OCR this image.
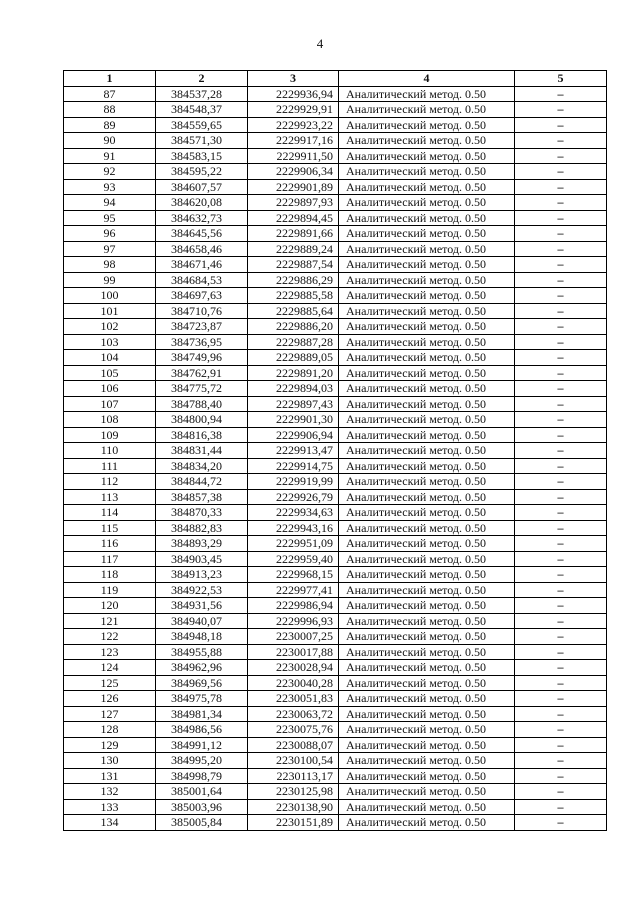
4
1	2	3	4	5
87	384537,28	2229936,94	Аналитический метод. 0.50	–
88	384548,37	2229929,91	Аналитический метод. 0.50	–
89	384559,65	2229923,22	Аналитический метод. 0.50	–
90	384571,30	2229917,16	Аналитический метод. 0.50	–
91	384583,15	2229911,50	Аналитический метод. 0.50	–
92	384595,22	2229906,34	Аналитический метод. 0.50	–
93	384607,57	2229901,89	Аналитический метод. 0.50	–
94	384620,08	2229897,93	Аналитический метод. 0.50	–
95	384632,73	2229894,45	Аналитический метод. 0.50	–
96	384645,56	2229891,66	Аналитический метод. 0.50	–
97	384658,46	2229889,24	Аналитический метод. 0.50	–
98	384671,46	2229887,54	Аналитический метод. 0.50	–
99	384684,53	2229886,29	Аналитический метод. 0.50	–
100	384697,63	2229885,58	Аналитический метод. 0.50	–
101	384710,76	2229885,64	Аналитический метод. 0.50	–
102	384723,87	2229886,20	Аналитический метод. 0.50	–
103	384736,95	2229887,28	Аналитический метод. 0.50	–
104	384749,96	2229889,05	Аналитический метод. 0.50	–
105	384762,91	2229891,20	Аналитический метод. 0.50	–
106	384775,72	2229894,03	Аналитический метод. 0.50	–
107	384788,40	2229897,43	Аналитический метод. 0.50	–
108	384800,94	2229901,30	Аналитический метод. 0.50	–
109	384816,38	2229906,94	Аналитический метод. 0.50	–
110	384831,44	2229913,47	Аналитический метод. 0.50	–
111	384834,20	2229914,75	Аналитический метод. 0.50	–
112	384844,72	2229919,99	Аналитический метод. 0.50	–
113	384857,38	2229926,79	Аналитический метод. 0.50	–
114	384870,33	2229934,63	Аналитический метод. 0.50	–
115	384882,83	2229943,16	Аналитический метод. 0.50	–
116	384893,29	2229951,09	Аналитический метод. 0.50	–
117	384903,45	2229959,40	Аналитический метод. 0.50	–
118	384913,23	2229968,15	Аналитический метод. 0.50	–
119	384922,53	2229977,41	Аналитический метод. 0.50	–
120	384931,56	2229986,94	Аналитический метод. 0.50	–
121	384940,07	2229996,93	Аналитический метод. 0.50	–
122	384948,18	2230007,25	Аналитический метод. 0.50	–
123	384955,88	2230017,88	Аналитический метод. 0.50	–
124	384962,96	2230028,94	Аналитический метод. 0.50	–
125	384969,56	2230040,28	Аналитический метод. 0.50	–
126	384975,78	2230051,83	Аналитический метод. 0.50	–
127	384981,34	2230063,72	Аналитический метод. 0.50	–
128	384986,56	2230075,76	Аналитический метод. 0.50	–
129	384991,12	2230088,07	Аналитический метод. 0.50	–
130	384995,20	2230100,54	Аналитический метод. 0.50	–
131	384998,79	2230113,17	Аналитический метод. 0.50	–
132	385001,64	2230125,98	Аналитический метод. 0.50	–
133	385003,96	2230138,90	Аналитический метод. 0.50	–
134	385005,84	2230151,89	Аналитический метод. 0.50	–
